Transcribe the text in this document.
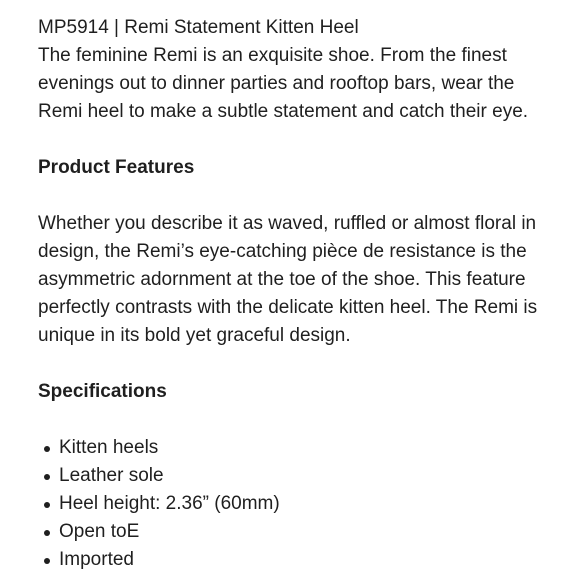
MP5914 | Remi Statement Kitten Heel

The feminine Remi is an exquisite shoe. From the finest evenings out to dinner parties and rooftop bars, wear the Remi heel to make a subtle statement and catch their eye.

Product Features

Whether you describe it as waved, ruffled or almost floral in design, the Remi’s eye-catching pièce de resistance is the asymmetric adornment at the toe of the shoe. This feature perfectly contrasts with the delicate kitten heel. The Remi is unique in its bold yet graceful design.

Specifications

Kitten heels
Leather sole
Heel height: 2.36” (60mm)
Open toE
Imported
